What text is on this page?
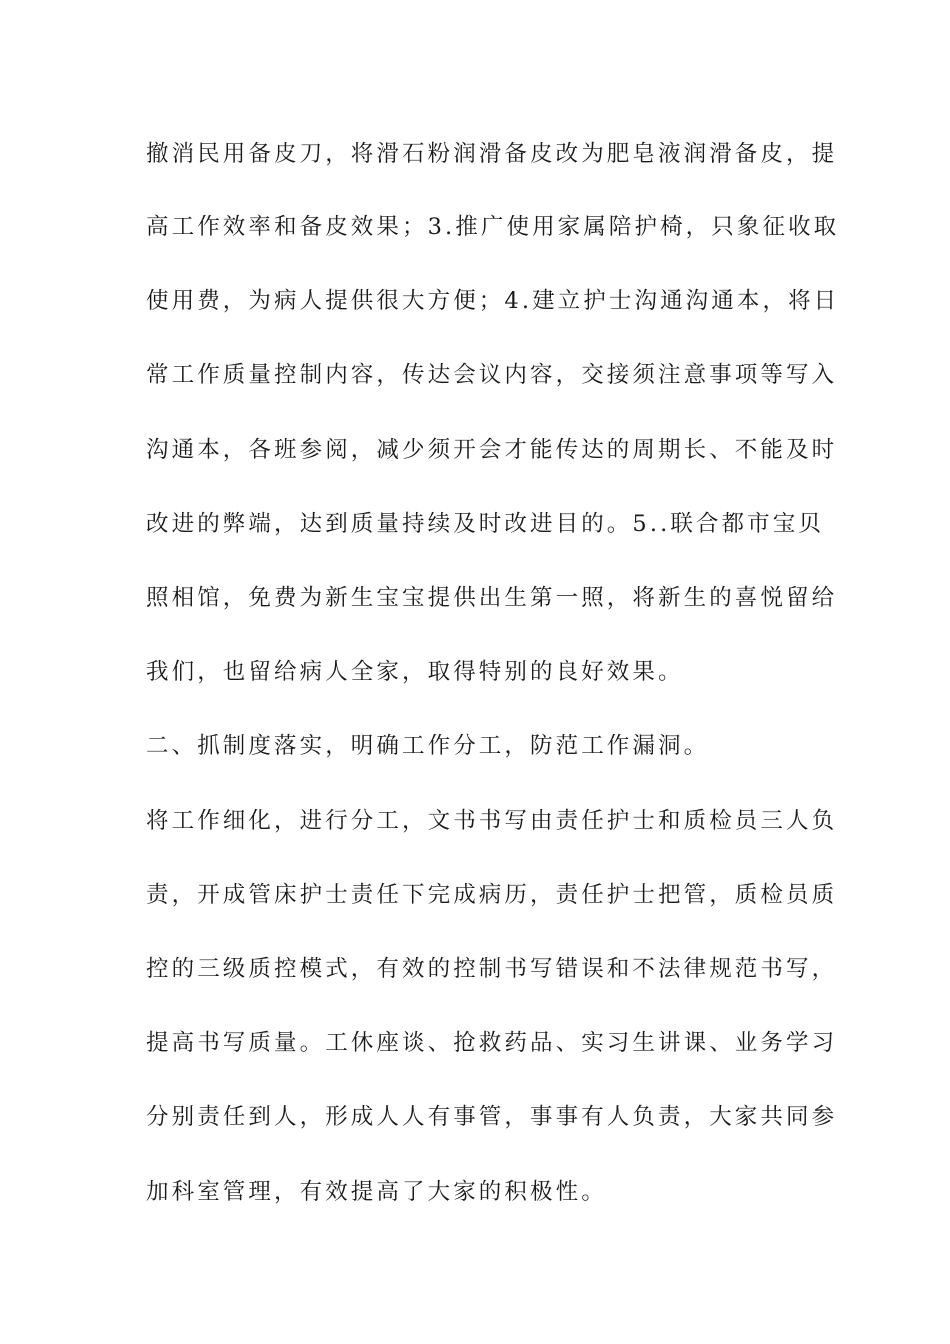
撤消民用备皮刀，将滑石粉润滑备皮改为肥皂液润滑备皮，提
高工作效率和备皮效果；3.推广使用家属陪护椅，只象征收取
使用费，为病人提供很大方便；4.建立护士沟通沟通本，将日
常工作质量控制内容，传达会议内容，交接须注意事项等写入
沟通本，各班参阅，减少须开会才能传达的周期长、不能及时
改进的弊端，达到质量持续及时改进目的。5..联合都市宝贝
照相馆，免费为新生宝宝提供出生第一照，将新生的喜悦留给
我们，也留给病人全家，取得特别的良好效果。
二、抓制度落实，明确工作分工，防范工作漏洞。
将工作细化，进行分工，文书书写由责任护士和质检员三人负
责，开成管床护士责任下完成病历，责任护士把管，质检员质
控的三级质控模式，有效的控制书写错误和不法律规范书写，
提高书写质量。工休座谈、抢救药品、实习生讲课、业务学习
分别责任到人，形成人人有事管，事事有人负责，大家共同参
加科室管理，有效提高了大家的积极性。
